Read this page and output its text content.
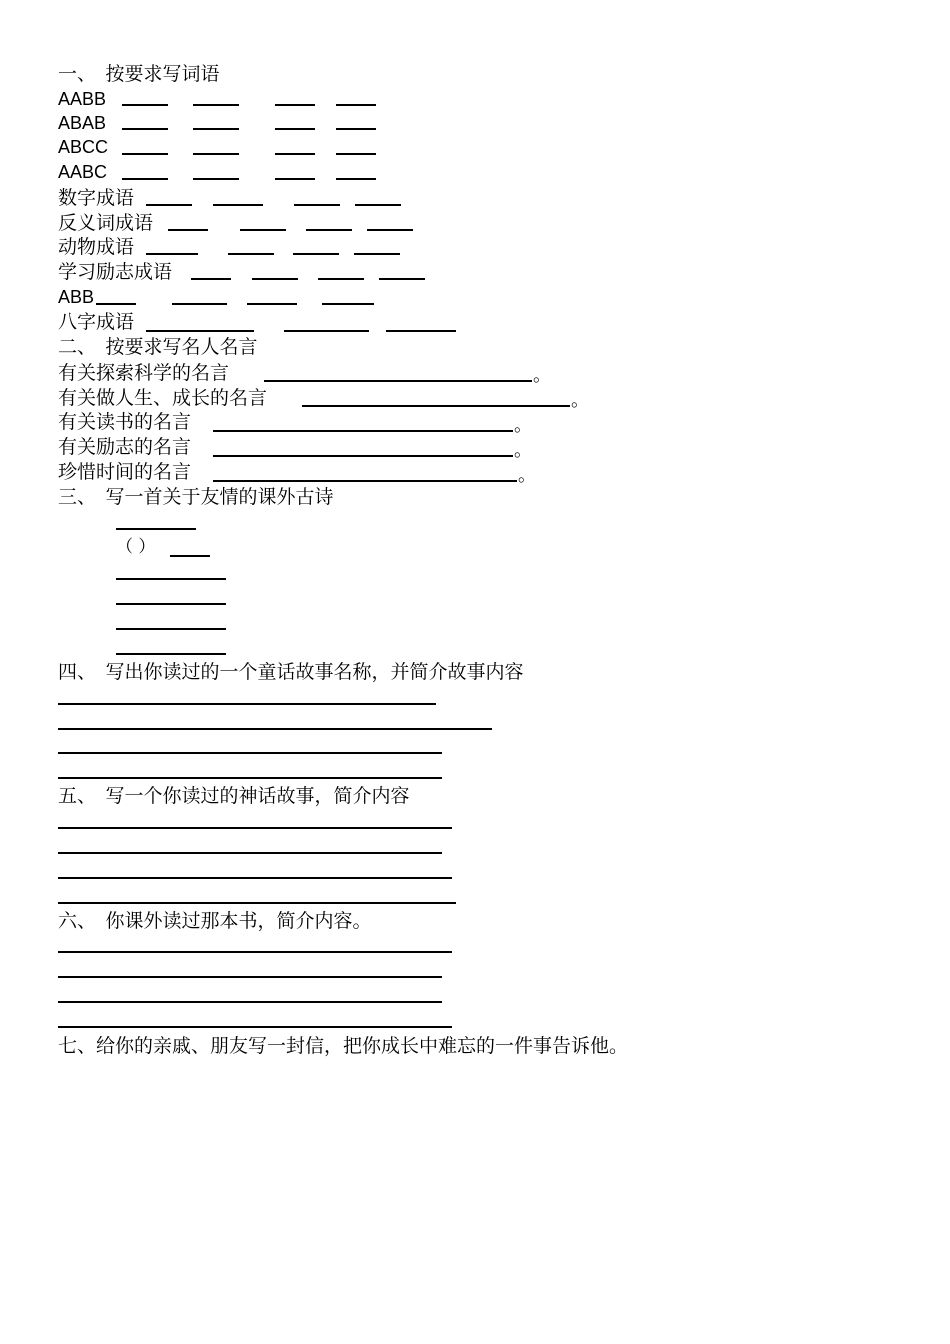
一、　按要求写词语
AABB
ABAB
ABCC
AABC
数字成语
反义词成语
动物成语
学习励志成语
ABB
八字成语
二、　按要求写名人名言
有关探索科学的名言	。
有关做人生、成长的名言	。
有关读书的名言	。
有关励志的名言	。
珍惜时间的名言	。
三、　写一首关于友情的课外古诗
（ ）
四、　写出你读过的一个童话故事名称，并简介故事内容
五、　写一个你读过的神话故事，简介内容
六、　你课外读过那本书，简介内容。
七、给你的亲戚、朋友写一封信，把你成长中难忘的一件事告诉他。
